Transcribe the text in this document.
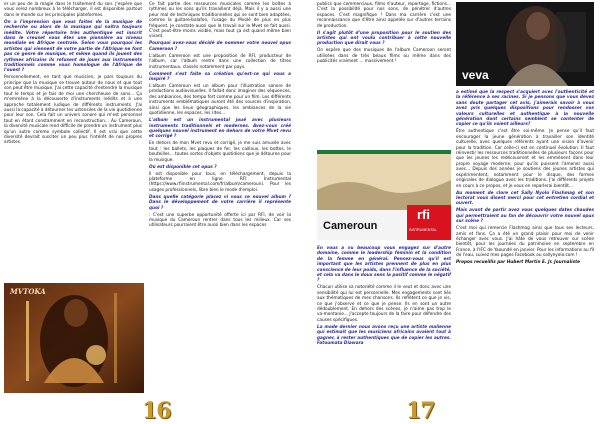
er un peu de la magie dans le traitement du son. J'espère que vous serez nombreux à le télécharger, il est disponible partout dans le monde sur les principales plateformes.

On a l'impression que vous faites de la musique de recherche ou alors de la musique qui naîtra toujours inédite. Votre répertoire très authentique est inscrit dans le creuset vous êtes une pionnière au niveau mondiale en Afrique centrale. Selon vous pourquoi les artistes qui viennent de votre partie de l'Afrique ne font pas ce genre de musique, et même quand ils jouent des rythmes africains ils refusent de jouer aux instruments traditionnels comme vous homologue de l'Afrique de l'ouest ?

Personnellement, en tant que musicien, je pars toujours du principe que la musique se trouve autour de nous et que tout son peut être musique. J'ai cette capacité d'entendre la musique tout le temps et je fais de moi une chercheuse de sons... Ça m'emmène à la découverte d'instruments inédits et à une approche totalement ludique de différents instruments. J'ai aussi la capacité à détourner les ustensiles de la vie quotidienne pour leur son. Cela fait un univers sonore qui m'est personnel tout en étant constamment en reconstruction... Au Cameroun, la diversité musicale rend difficile de prendre un instrument plus qu'un autre comme symbole collectif. Il est vrai que cette diversité devrait susciter un peu plus l'intérêt de nos propres artistes.

MVTOKA

Ce fait partie des ressources musicales comme les boîtes à rythmes ou les sons qu'ils travaillent déjà. Mais il y a aussi une peur mal de techniques traditionnelles qui se sont bien adaptées, comme la guitare-balafon, l'usage du Mvolé de plus en plus fréquent. Je constate aussi que le travail sur le Mvet se fait aussi. C'est peut-être moins visible, mais tout ça est quand même bien vivant.

Pourquoi avez-vous décidé de nommer votre nouvel opus Cameroon ?

L'album Cameroon est une proposition de RFI, producteur de l'album, car l'album rentre dans une collection de titres instrumentaux, classés notamment par pays.

Comment s'est faite sa création qu'est-ce qui vous a inspiré ?

L'album Cameroun est un album pour l'illustration sonore de productions audiovisuelles. Il fallait donc imaginer des séquences, des ambiances, des tempo fort comme pour un film. Les différents instruments emblématiques auront été des sources d'inspiration, ainsi que les lieux géographiques, les ambiances de la vie quotidienne, les espaces, les rites...

L'album est un instrumental joué avec plusieurs instruments traditionnels et modernes. Avez-vous créé quelques nouvel instrument en dehors de votre Mvet revu et corrigé ?

En dehors de mon Mvet revu et corrigé, je me suis amusée avec tout : les ballets, les plaques de fer, les cailloux, les bottes, le bouteilles... toutes sortes d'objets quotidiens que je détourne pour la musique.

Où est disponible cet opus ?

Il est disponible pour tous, en téléchargement, depuis la plateforme en ligne RFI Instrumental (https://www.rfiinstrumental.com/fr/album/cameroun). Pour les usages professionnels, libre bien le mode d'emploi.

Dans quelle catégorie placez vi vous ce nouvel album ? Dans le développement de votre carrière il représente quoi ?

: C'est une superbe opportunité offerte ici par RFI, de voir la musique du Cameroun rentrer dans tous les milieux. Car ses utilisateurs pourraient être aussi bien dans les espaces

16

publics que commerciaux, films d'auteur, reportage, fictions... C'est la possibilité pour nos sons, de pénétrer d'autres espaces. C'est magnifique ! Dans ma carrière c'est une reconnaissance que d'être ainsi appelée sur d'autres terrains de production.

Il s'agit plutôt d'une proposition pour le soutien des artistes qui ont voulu contribuer à cette nouvelle production que dirait vous ?

On espère que des musiques de l'album Cameroon seront utilisées dans de très beaux films ou même dans des publicités vraiment ... massivement !

Cameroun
rfi
INSTRUMENTAL

En vous a vu beaucoup vous engagez sur d'autre domaine, comme le leadership féminin et la condition de la femme en général. Pensez-vous qu'il est important que les artistes prennent de plus en plus conscience de leur poids, dans l'influence de la société, et cela va dans le doux sens la positif comme le négatif ?

Chacun utilise sa notoriété comme il le veut et donc avec une sensibilité qui lui est personnelle. Mes engagements sont liés aux thématiques de mes chansons. Ils reflètent ce que je vis, ce que j'observe et ce que je pense. Ils en sont un autre dédoublement. En dehors des scènes, je n'aime pas trop le va-montanie... J'accepte toujours de la faire pour défendre des causes spécifiques.

La mode dernier nous avons reçu une artiste malienne qui estimait que les musiciens africains avaient tout à gagner, à rester authentiques que de copier les autres. Fatoumata Diawara

veva

a estimé que la respect s'acquiert avec l'authenticité et la référence à ses racines. Si je pensons que vous devez sans doute partager cet avis, j'aimerais savoir à vous avez pris quelques dispositions pour rendosser vos valeurs culturelles et authentique à la nouvelle génération dont certains semblent se contenter de copier ce qu'ils voient ailleurs?

Être authentique c'est être soi-même. Je pense qu'il faut encourager la jeune génération à travailler son identité culturelle, avec quelques référents ayant une vision d'avenir pour la tradition. Car celle-ci est en continuel évolution. Il faut réinvestir les ressources traditionnelles de plusieurs façons pour que les jeunes les redécouvrent et les emmènent dans leur propre voyage moderne, pour qu'ils puissent l'amener aussi avec... Depuis des années je soutiens des jeunes artistes qui expérimentent, notamment pour le disque, des formes originales de dialogue avec les traditions. J'ai différents projets en cours à ce propos, et je vous en reparlerai bientôt...

Au moment de clore cet Sally Nyolo Flashmag et son lectorat vous disent merci pour cet entretien cordial et ouvert.

Mais avant de partir avez vous quelques dates chaudes qui permettraient au fan de découvrir votre nouvel opus sur scène ?

C'est moi qui remercie Flashmag ainsi que tous ses lecteurs, amis et fans. Ça a été un grand plaisir pour moi de venir échanger avec vous. J'ai hâte de vous retrouver sur scène bientôt, pour les journées du patrimoine en septembre en France, à l'IFC de Yaoundé en janvier. Pour les informations au fil de l'eau, suivez mes pages Facebook ou sallynyolo.com !

Propos recueillis par Hubert Martin E. Jr. Journaliste

17
